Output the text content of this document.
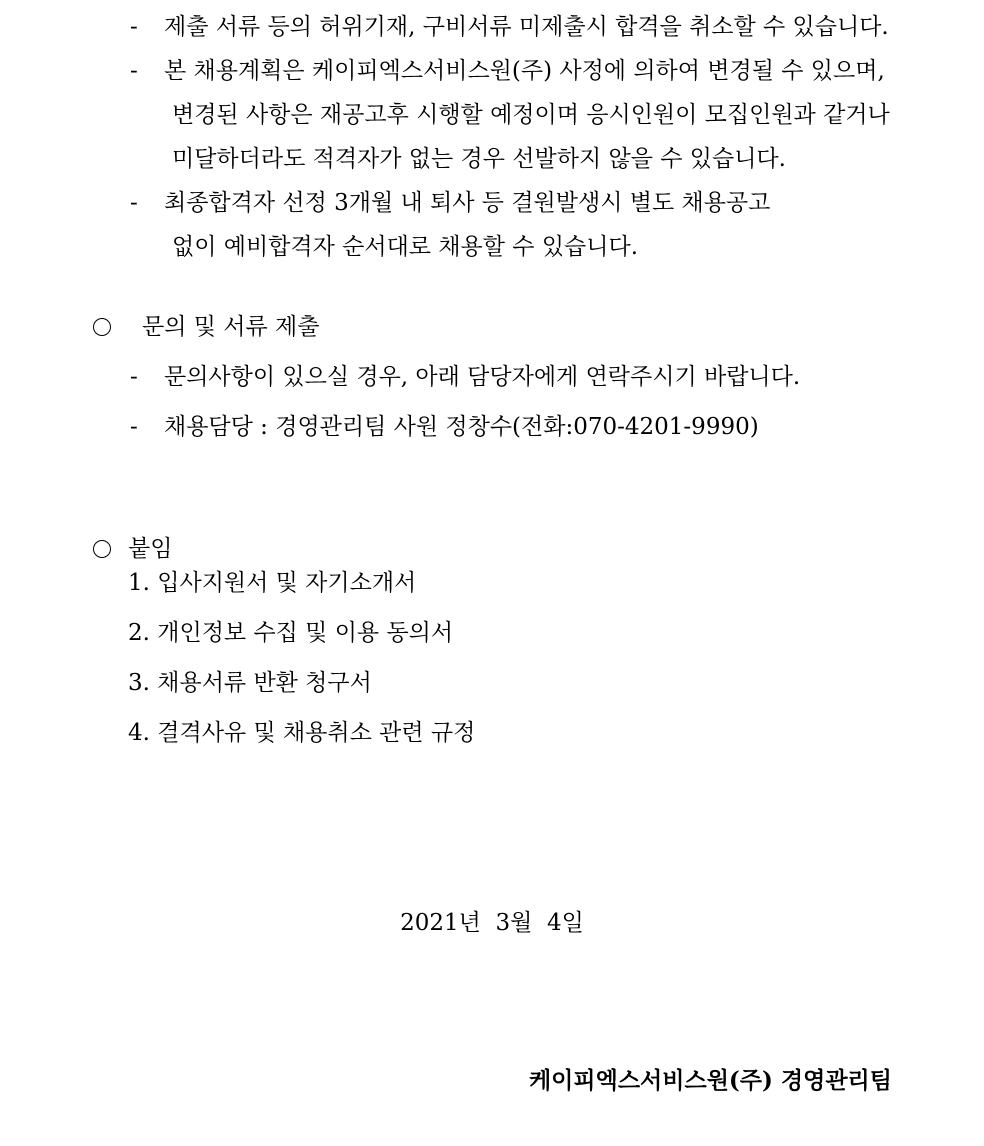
- 제출 서류 등의 허위기재, 구비서류 미제출시 합격을 취소할 수 있습니다.
- 본 채용계획은 케이피엑스서비스원(주) 사정에 의하여 변경될 수 있으며,
변경된 사항은 재공고후 시행할 예정이며 응시인원이 모집인원과 같거나
미달하더라도 적격자가 없는 경우 선발하지 않을 수 있습니다.
- 최종합격자 선정 3개월 내 퇴사 등 결원발생시 별도 채용공고
없이 예비합격자 순서대로 채용할 수 있습니다.
문의 및 서류 제출
- 문의사항이 있으실 경우, 아래 담당자에게 연락주시기 바랍니다.
- 채용담당 : 경영관리팀 사원 정창수(전화:070-4201-9990)
붙임
1. 입사지원서 및 자기소개서
2. 개인정보 수집 및 이용 동의서
3. 채용서류 반환 청구서
4. 결격사유 및 채용취소 관련 규정
2021년  3월  4일
케이피엑스서비스원(주) 경영관리팀
